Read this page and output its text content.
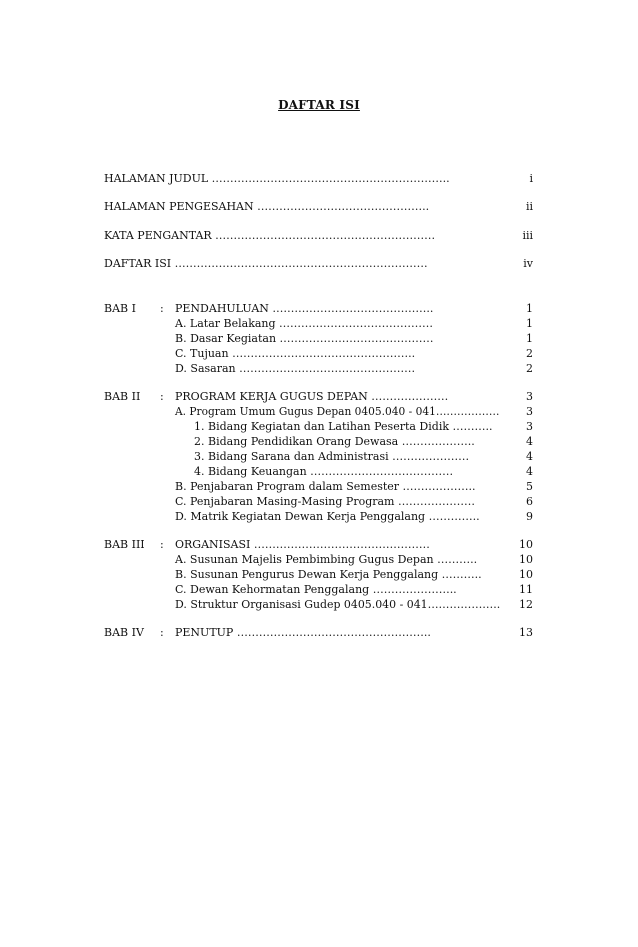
DAFTAR ISI
HALAMAN JUDUL ………………………………………………………..	i
HALAMAN PENGESAHAN ………………………………………..	ii
KATA PENGANTAR ……………………………………………………	iii
DAFTAR ISI ……………………………………………………………	iv
BAB I : PENDAHULUAN ……………………………………..	1
A. Latar Belakang ……………………………………	1
B. Dasar Kegiatan ……………………………………	1
C. Tujuan …………………………………………..	2
D. Sasaran …………………………………………	2
BAB II : PROGRAM KERJA GUGUS DEPAN …………………	3
A. Program Umum Gugus Depan 0405.040 - 041………………	3
1. Bidang Kegiatan dan Latihan Peserta Didik ………..	3
2. Bidang Pendidikan Orang Dewasa ………………..	4
3. Bidang Sarana dan Administrasi …………………	4
4. Bidang Keuangan …………………………………	4
B. Penjabaran Program dalam Semester ………………..	5
C. Penjabaran Masing-Masing Program …………………	6
D. Matrik Kegiatan Dewan Kerja Penggalang …………..	9
BAB III : ORGANISASI …………………………………………	10
A. Susunan Majelis Pembimbing Gugus Depan ………..	10
B. Susunan Pengurus Dewan Kerja Penggalang ………..	10
C. Dewan Kehormatan Penggalang …………………..	11
D. Struktur Organisasi Gudep 0405.040 - 041………………..	12
BAB IV : PENUTUP ……………………………………………..	13
